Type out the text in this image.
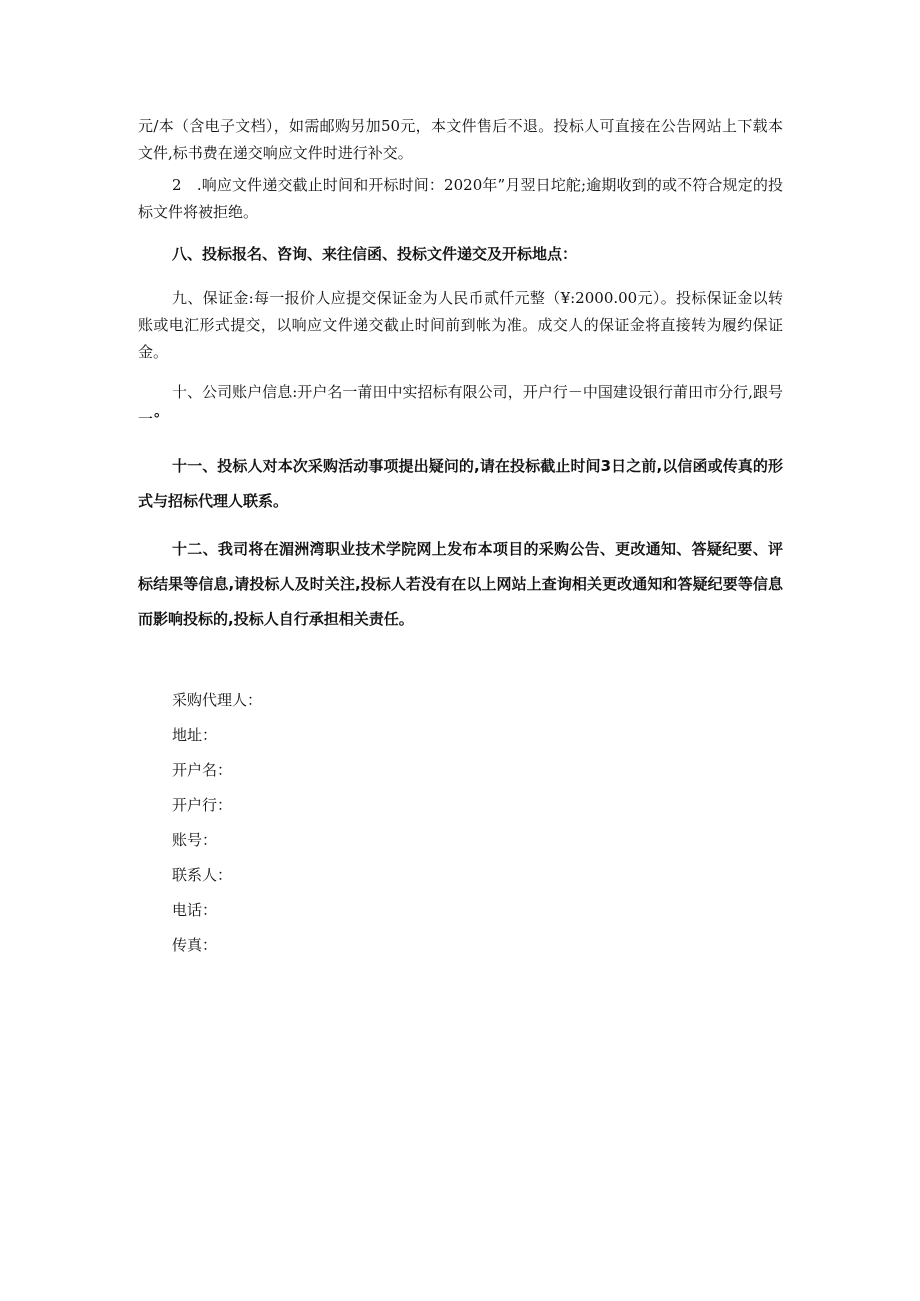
元/本（含电子文档），如需邮购另加50元，本文件售后不退。投标人可直接在公告网站上下载本文件,标书费在递交响应文件时进行补交。

2　.响应文件递交截止时间和开标时间：2020年”月翌日坨舵;逾期收到的或不符合规定的投标文件将被拒绝。

八、投标报名、咨询、来往信函、投标文件递交及开标地点：

九、保证金:每一报价人应提交保证金为人民币贰仟元整（¥:2000.00元）。投标保证金以转账或电汇形式提交，以响应文件递交截止时间前到帐为准。成交人的保证金将直接转为履约保证金。

十、公司账户信息:开户名一莆田中实招标有限公司，开户行－中国建设银行莆田市分行,跟号一°

十一、投标人对本次采购活动事项提出疑问的,请在投标截止时间3日之前,以信函或传真的形式与招标代理人联系。

十二、我司将在湄洲湾职业技术学院网上发布本项目的采购公告、更改通知、答疑纪要、评标结果等信息,请投标人及时关注,投标人若没有在以上网站上查询相关更改通知和答疑纪要等信息而影响投标的,投标人自行承担相关责任。

采购代理人：

地址：

开户名：

开户行：

账号：

联系人：

电话：

传真：
